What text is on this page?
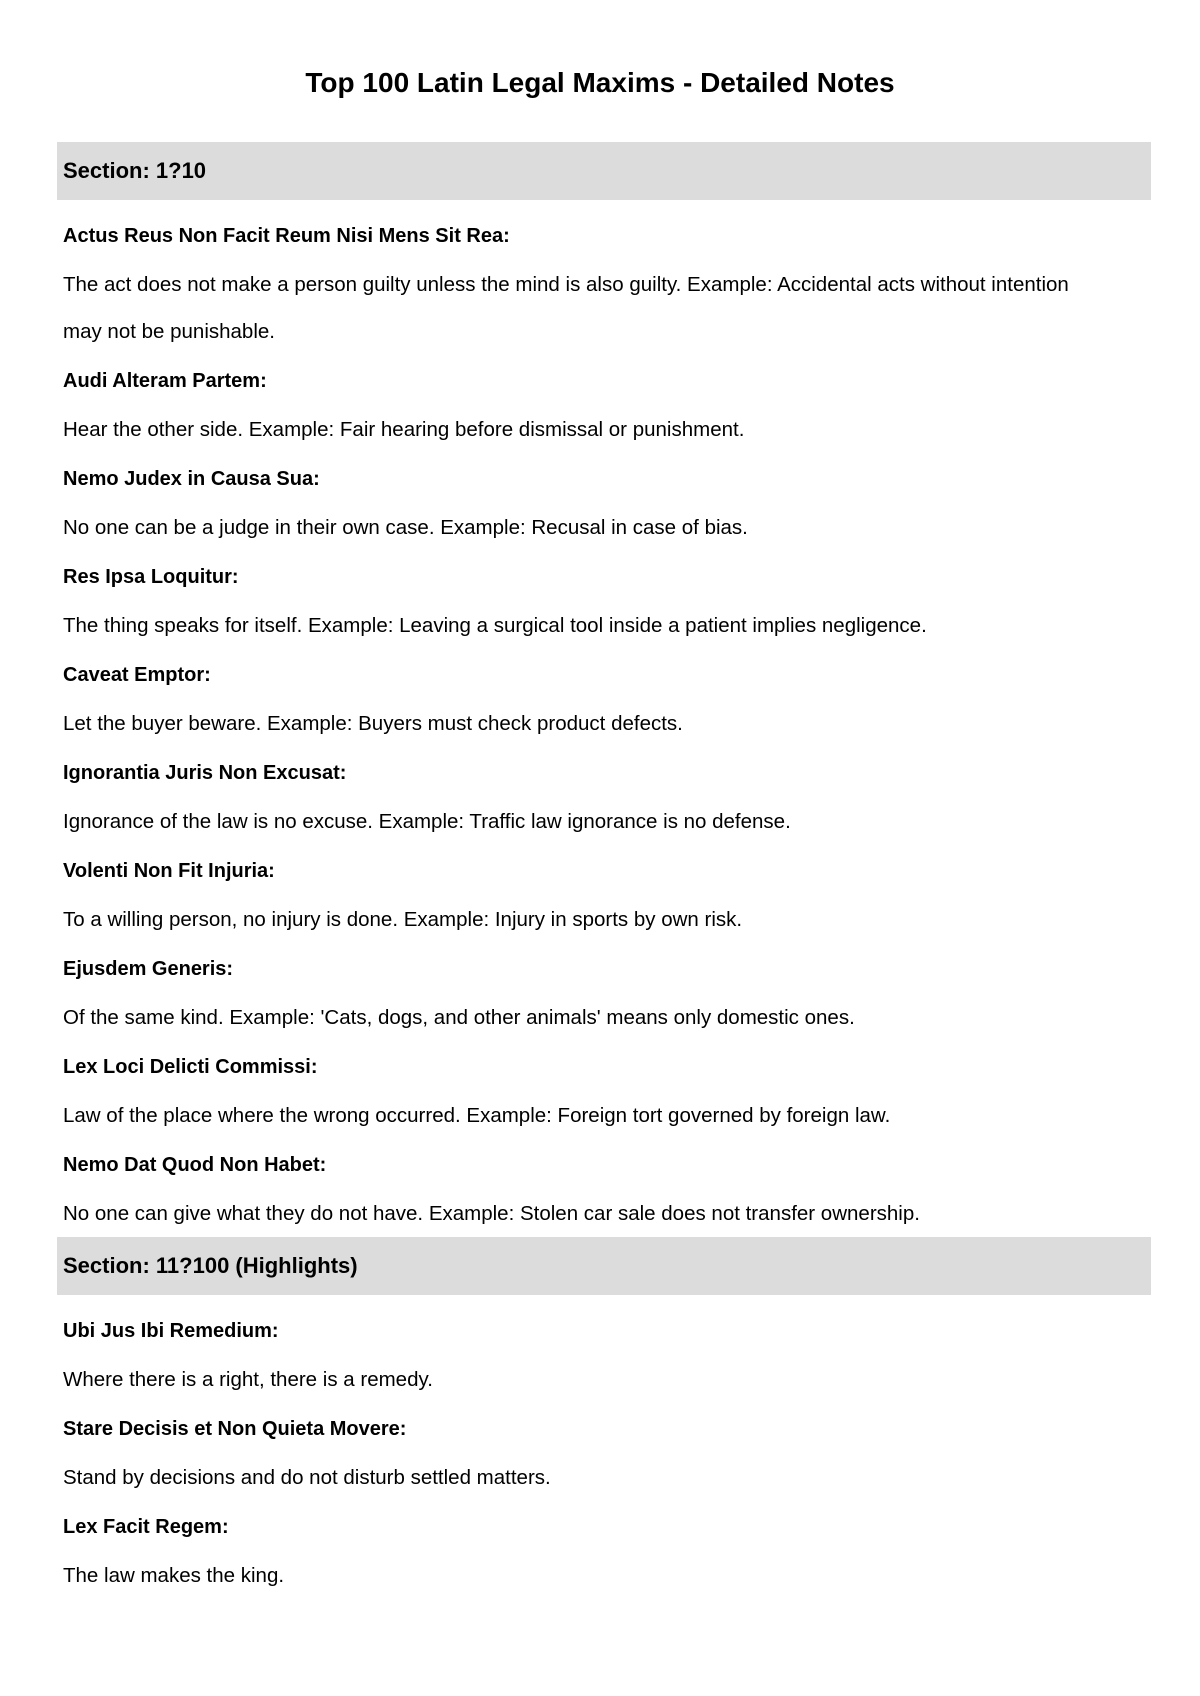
Top 100 Latin Legal Maxims - Detailed Notes
Section: 1?10
Actus Reus Non Facit Reum Nisi Mens Sit Rea:
The act does not make a person guilty unless the mind is also guilty. Example: Accidental acts without intention may not be punishable.
Audi Alteram Partem:
Hear the other side. Example: Fair hearing before dismissal or punishment.
Nemo Judex in Causa Sua:
No one can be a judge in their own case. Example: Recusal in case of bias.
Res Ipsa Loquitur:
The thing speaks for itself. Example: Leaving a surgical tool inside a patient implies negligence.
Caveat Emptor:
Let the buyer beware. Example: Buyers must check product defects.
Ignorantia Juris Non Excusat:
Ignorance of the law is no excuse. Example: Traffic law ignorance is no defense.
Volenti Non Fit Injuria:
To a willing person, no injury is done. Example: Injury in sports by own risk.
Ejusdem Generis:
Of the same kind. Example: 'Cats, dogs, and other animals' means only domestic ones.
Lex Loci Delicti Commissi:
Law of the place where the wrong occurred. Example: Foreign tort governed by foreign law.
Nemo Dat Quod Non Habet:
No one can give what they do not have. Example: Stolen car sale does not transfer ownership.
Section: 11?100 (Highlights)
Ubi Jus Ibi Remedium:
Where there is a right, there is a remedy.
Stare Decisis et Non Quieta Movere:
Stand by decisions and do not disturb settled matters.
Lex Facit Regem:
The law makes the king.
